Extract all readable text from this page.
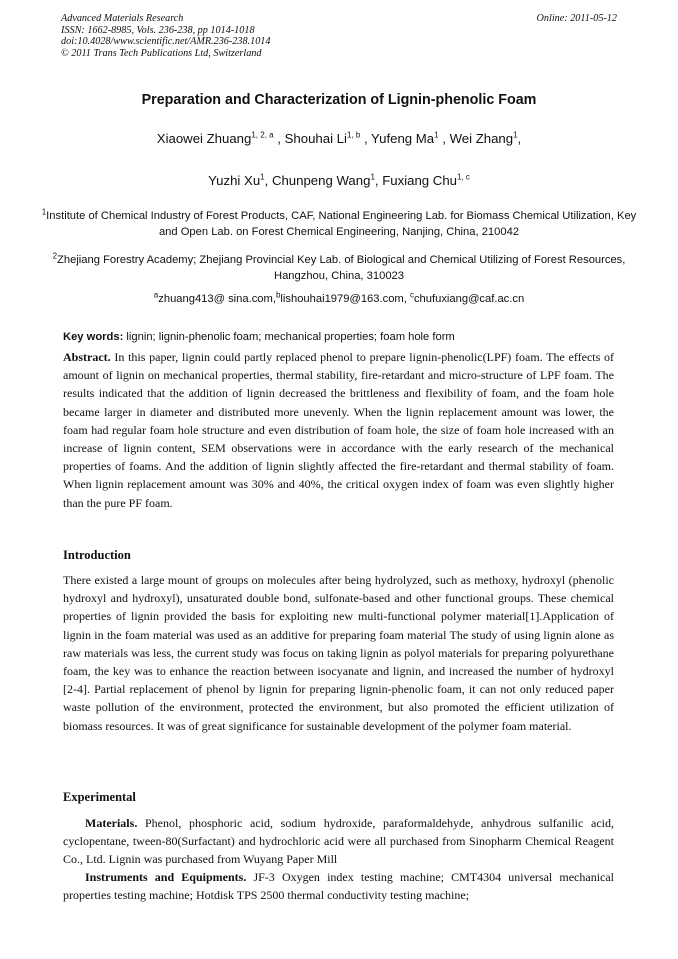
Advanced Materials Research
ISSN: 1662-8985, Vols. 236-238, pp 1014-1018
doi:10.4028/www.scientific.net/AMR.236-238.1014
© 2011 Trans Tech Publications Ltd, Switzerland
Online: 2011-05-12
Preparation and Characterization of Lignin-phenolic Foam
Xiaowei Zhuang$^{1, 2, a}$ , Shouhai Li$^{1, b}$ , Yufeng Ma$^1$ , Wei Zhang$^1$,
Yuzhi Xu$^1$, Chunpeng Wang$^1$, Fuxiang Chu$^{1, c}$
$^1$Institute of Chemical Industry of Forest Products, CAF, National Engineering Lab. for Biomass Chemical Utilization, Key and Open Lab. on Forest Chemical Engineering, Nanjing, China, 210042
$^2$Zhejiang Forestry Academy; Zhejiang Provincial Key Lab. of Biological and Chemical Utilizing of Forest Resources, Hangzhou, China, 310023
$^a$zhuang413@ sina.com,$^b$lishouhai1979@163.com, $^c$chufuxiang@caf.ac.cn
Key words: lignin; lignin-phenolic foam; mechanical properties; foam hole form
Abstract. In this paper, lignin could partly replaced phenol to prepare lignin-phenolic(LPF) foam. The effects of amount of lignin on mechanical properties, thermal stability, fire-retardant and micro-structure of LPF foam. The results indicated that the addition of lignin decreased the brittleness and flexibility of foam, and the foam hole became larger in diameter and distributed more unevenly. When the lignin replacement amount was lower, the foam had regular foam hole structure and even distribution of foam hole, the size of foam hole increased with an increase of lignin content, SEM observations were in accordance with the early research of the mechanical properties of foams. And the addition of lignin slightly affected the fire-retardant and thermal stability of foam. When lignin replacement amount was 30% and 40%, the critical oxygen index of foam was even slightly higher than the pure PF foam.
Introduction
There existed a large mount of groups on molecules after being hydrolyzed, such as methoxy, hydroxyl (phenolic hydroxyl and hydroxyl), unsaturated double bond, sulfonate-based and other functional groups. These chemical properties of lignin provided the basis for exploiting new multi-functional polymer material[1].Application of lignin in the foam material was used as an additive for preparing foam material The study of using lignin alone as raw materials was less, the current study was focus on taking lignin as polyol materials for preparing polyurethane foam, the key was to enhance the reaction between isocyanate and lignin, and increased the number of hydroxyl [2-4]. Partial replacement of phenol by lignin for preparing lignin-phenolic foam, it can not only reduced paper waste pollution of the environment, protected the environment, but also promoted the efficient utilization of biomass resources. It was of great significance for sustainable development of the polymer foam material.
Experimental
Materials. Phenol, phosphoric acid, sodium hydroxide, paraformaldehyde, anhydrous sulfanilic acid, cyclopentane, tween-80(Surfactant) and hydrochloric acid were all purchased from Sinopharm Chemical Reagent Co., Ltd. Lignin was purchased from Wuyang Paper Mill
Instruments and Equipments. JF-3 Oxygen index testing machine; CMT4304 universal mechanical properties testing machine; Hotdisk TPS 2500 thermal conductivity testing machine;
